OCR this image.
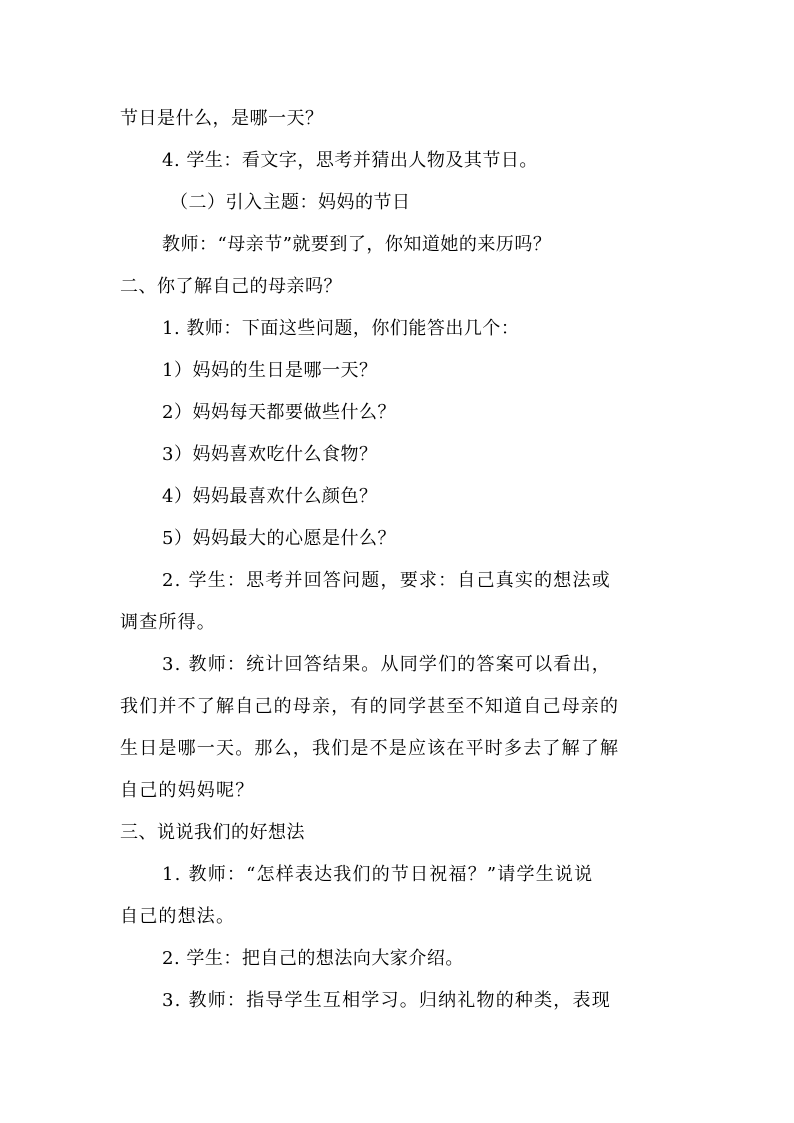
节日是什么，是哪一天？
4. 学生：看文字，思考并猜出人物及其节日。
（二）引入主题：妈妈的节日
教师：“母亲节”就要到了，你知道她的来历吗？
二、你了解自己的母亲吗？
1. 教师：下面这些问题，你们能答出几个：
1）妈妈的生日是哪一天？
2）妈妈每天都要做些什么？
3）妈妈喜欢吃什么食物？
4）妈妈最喜欢什么颜色？
5）妈妈最大的心愿是什么？
2. 学生：思考并回答问题，要求：自己真实的想法或
调查所得。
3. 教师：统计回答结果。从同学们的答案可以看出，
我们并不了解自己的母亲，有的同学甚至不知道自己母亲的
生日是哪一天。那么，我们是不是应该在平时多去了解了解
自己的妈妈呢？
三、说说我们的好想法
1. 教师：“怎样表达我们的节日祝福？”请学生说说
自己的想法。
2. 学生：把自己的想法向大家介绍。
3. 教师：指导学生互相学习。归纳礼物的种类，表现
